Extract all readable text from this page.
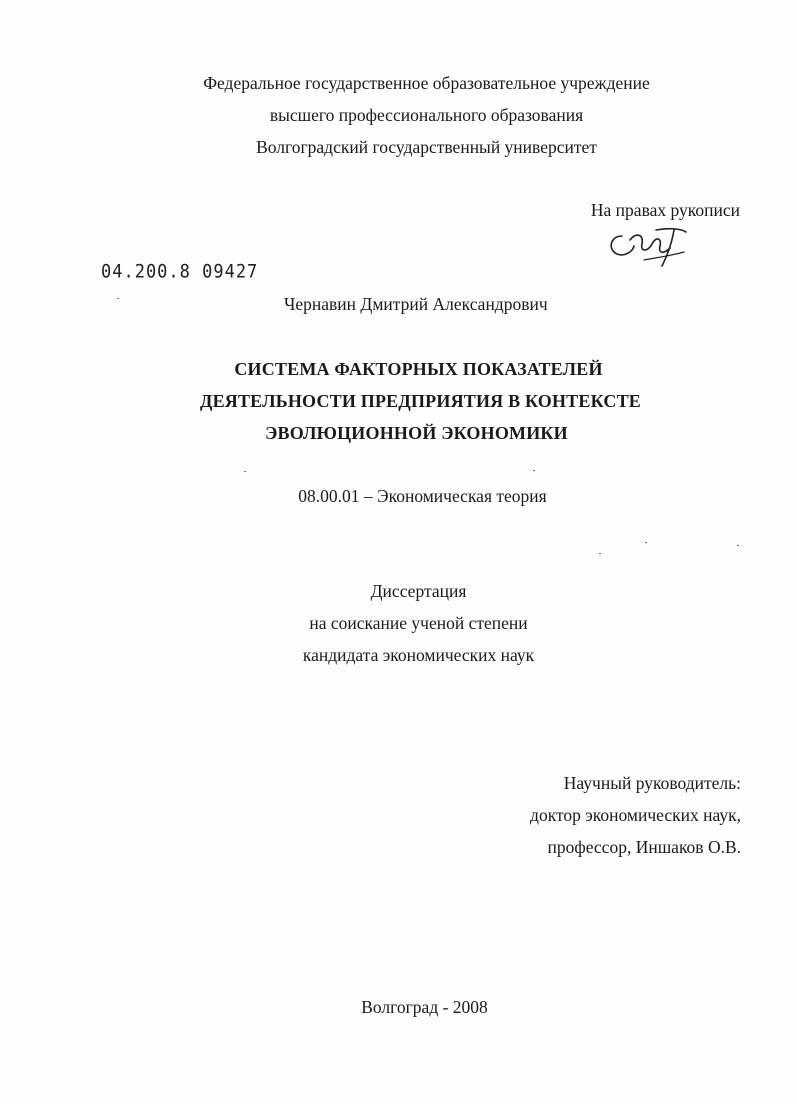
Федеральное государственное образовательное учреждение
высшего профессионального образования
Волгоградский государственный университет
На правах рукописи
04.200.8 09427
Чернавин Дмитрий Александрович
СИСТЕМА ФАКТОРНЫХ ПОКАЗАТЕЛЕЙ
ДЕЯТЕЛЬНОСТИ ПРЕДПРИЯТИЯ В КОНТЕКСТЕ
ЭВОЛЮЦИОННОЙ ЭКОНОМИКИ
08.00.01 – Экономическая теория
Диссертация
на соискание ученой степени
кандидата экономических наук
Научный руководитель:
доктор экономических наук,
профессор, Иншаков О.В.
Волгоград - 2008
